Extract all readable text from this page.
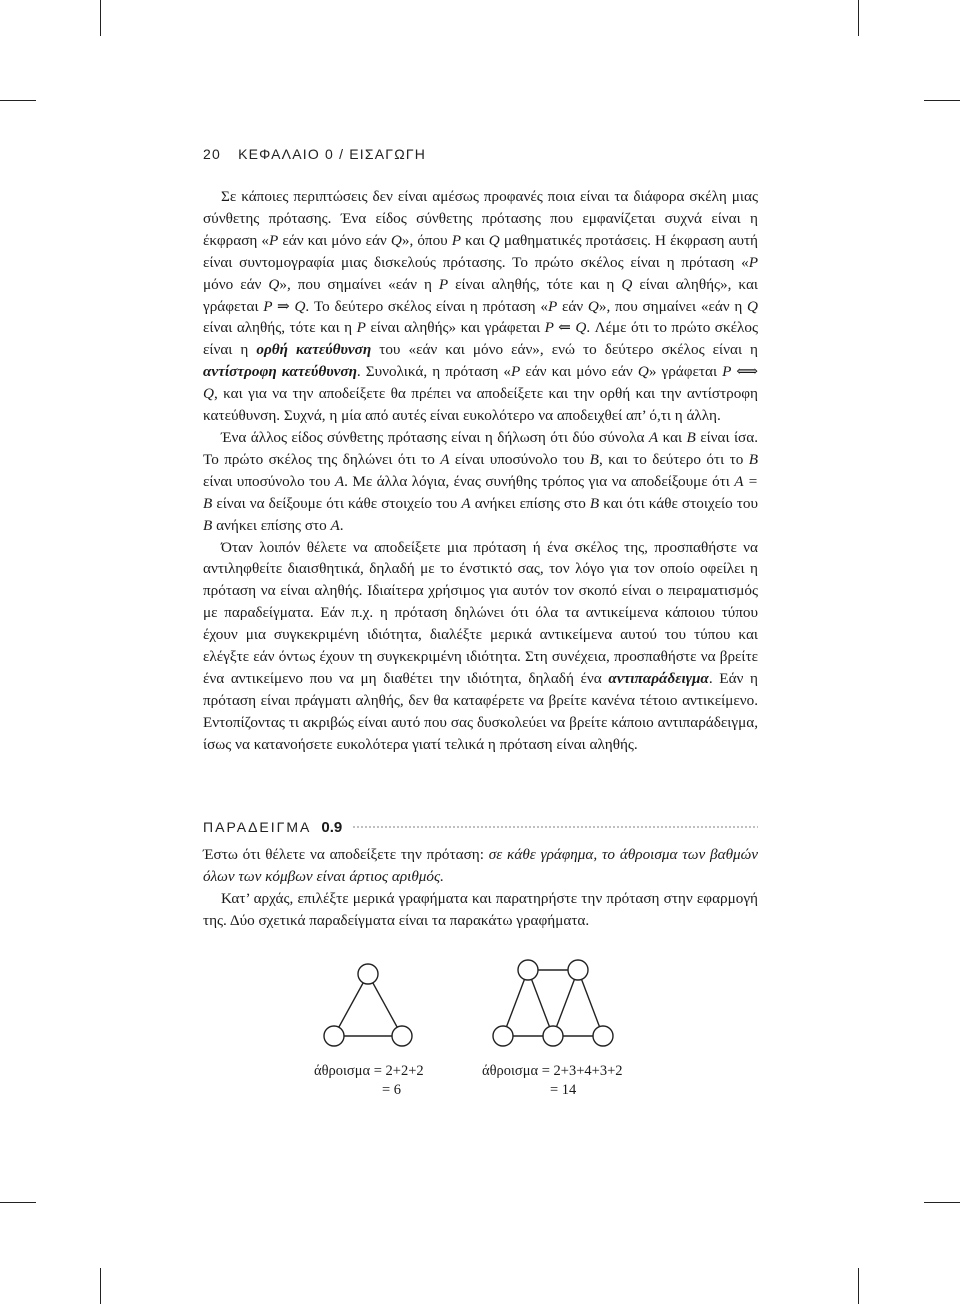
20 ΚΕΦΑΛΑΙΟ 0 / ΕΙΣΑΓΩΓΗ

Σε κάποιες περιπτώσεις δεν είναι αμέσως προφανές ποια είναι τα διάφορα σκέλη μιας σύνθετης πρότασης. Ένα είδος σύνθετης πρότασης που εμφανίζεται συχνά είναι η έκφραση «P εάν και μόνο εάν Q», όπου P και Q μαθηματικές προτάσεις. Η έκφραση αυτή είναι συντομογραφία μιας δισκελούς πρότασης. Το πρώτο σκέλος είναι η πρόταση «P μόνο εάν Q», που σημαίνει «εάν η P είναι αληθής, τότε και η Q είναι αληθής», και γράφεται P ⇒ Q. Το δεύτερο σκέλος είναι η πρόταση «P εάν Q», που σημαίνει «εάν η Q είναι αληθής, τότε και η P είναι αληθής» και γράφεται P ⇐ Q. Λέμε ότι το πρώτο σκέλος είναι η ορθή κατεύθυνση του «εάν και μόνο εάν», ενώ το δεύτερο σκέλος είναι η αντίστροφη κατεύθυνση. Συνολικά, η πρόταση «P εάν και μόνο εάν Q» γράφεται P ⟺ Q, και για να την αποδείξετε θα πρέπει να αποδείξετε και την ορθή και την αντίστροφη κατεύθυνση. Συχνά, η μία από αυτές είναι ευκολότερο να αποδειχθεί απ’ ό,τι η άλλη.

Ένα άλλος είδος σύνθετης πρότασης είναι η δήλωση ότι δύο σύνολα A και B είναι ίσα. Το πρώτο σκέλος της δηλώνει ότι το A είναι υποσύνολο του B, και το δεύτερο ότι το B είναι υποσύνολο του A. Με άλλα λόγια, ένας συνήθης τρόπος για να αποδείξουμε ότι A = B είναι να δείξουμε ότι κάθε στοιχείο του A ανήκει επίσης στο B και ότι κάθε στοιχείο του B ανήκει επίσης στο A.

Όταν λοιπόν θέλετε να αποδείξετε μια πρόταση ή ένα σκέλος της, προσπαθήστε να αντιληφθείτε διαισθητικά, δηλαδή με το ένστικτό σας, τον λόγο για τον οποίο οφείλει η πρόταση να είναι αληθής. Ιδιαίτερα χρήσιμος για αυτόν τον σκοπό είναι ο πειραματισμός με παραδείγματα. Εάν π.χ. η πρόταση δηλώνει ότι όλα τα αντικείμενα κάποιου τύπου έχουν μια συγκεκριμένη ιδιότητα, διαλέξτε μερικά αντικείμενα αυτού του τύπου και ελέγξτε εάν όντως έχουν τη συγκεκριμένη ιδιότητα. Στη συνέχεια, προσπαθήστε να βρείτε ένα αντικείμενο που να μη διαθέτει την ιδιότητα, δηλαδή ένα αντιπαράδειγμα. Εάν η πρόταση είναι πράγματι αληθής, δεν θα καταφέρετε να βρείτε κανένα τέτοιο αντικείμενο. Εντοπίζοντας τι ακριβώς είναι αυτό που σας δυσκολεύει να βρείτε κάποιο αντιπαράδειγμα, ίσως να κατανοήσετε ευκολότερα γιατί τελικά η πρόταση είναι αληθής.

ΠΑΡΑΔΕΙΓΜΑ 0.9

Έστω ότι θέλετε να αποδείξετε την πρόταση: σε κάθε γράφημα, το άθροισμα των βαθμών όλων των κόμβων είναι άρτιος αριθμός.

Κατ’ αρχάς, επιλέξτε μερικά γραφήματα και παρατηρήστε την πρόταση στην εφαρμογή της. Δύο σχετικά παραδείγματα είναι τα παρακάτω γραφήματα.

άθροισμα = 2+2+2
= 6
άθροισμα = 2+3+4+3+2
= 14
